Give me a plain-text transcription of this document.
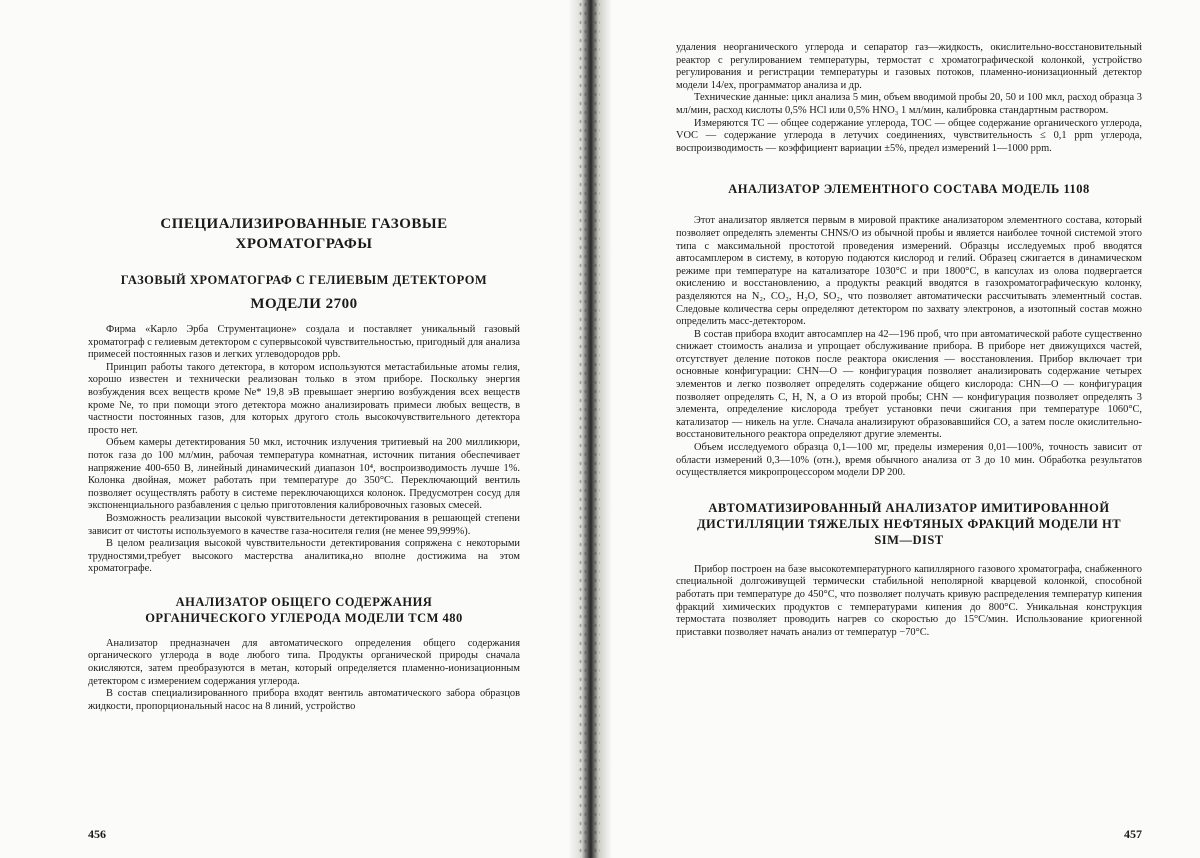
СПЕЦИАЛИЗИРОВАННЫЕ ГАЗОВЫЕ ХРОМАТОГРАФЫ
ГАЗОВЫЙ ХРОМАТОГРАФ С ГЕЛИЕВЫМ ДЕТЕКТОРОМ
МОДЕЛИ 2700

Фирма «Карло Эрба Струментационе» создала и поставляет уникальный газовый хроматограф с гелиевым детектором с супервысокой чувствительностью, пригодный для анализа примесей постоянных газов и легких углеводородов ppb.

Принцип работы такого детектора, в котором используются метастабильные атомы гелия, хорошо известен и технически реализован только в этом приборе. Поскольку энергия возбуждения всех веществ кроме Ne* 19,8 эВ превышает энергию возбуждения всех веществ кроме Ne, то при помощи этого детектора можно анализировать примеси любых веществ, в частности постоянных газов, для которых другого столь высокочувствительного детектора просто нет.

Объем камеры детектирования 50 мкл, источник излучения тритиевый на 200 милликюри, поток газа до 100 мл/мин, рабочая температура комнатная, источник питания обеспечивает напряжение 400-650 В, линейный динамический диапазон 10⁴, воспроизводимость лучше 1%. Колонка двойная, может работать при температуре до 350°С. Переключающий вентиль позволяет осуществлять работу в системе переключающихся колонок. Предусмотрен сосуд для экспоненциального разбавления с целью приготовления калибровочных газовых смесей.

Возможность реализации высокой чувствительности детектирования в решающей степени зависит от чистоты используемого в качестве газа-носителя гелия (не менее 99,999%).

В целом реализация высокой чувствительности детектирования сопряжена с некоторыми трудностями,требует высокого мастерства аналитика,но вполне достижима на этом хроматографе.

АНАЛИЗАТОР ОБЩЕГО СОДЕРЖАНИЯ ОРГАНИЧЕСКОГО УГЛЕРОДА МОДЕЛИ ТСМ 480

Анализатор предназначен для автоматического определения общего содержания органического углерода в воде любого типа. Продукты органической природы сначала окисляются, затем преобразуются в метан, который определяется пламенно-ионизационным детектором с измерением содержания углерода.

В состав специализированного прибора входят вентиль автоматического забора образцов жидкости, пропорциональный насос на 8 линий, устройство

456

удаления неорганического углерода и сепаратор газ—жидкость, окислительно-восстановительный реактор с регулированием температуры, термостат с хроматографической колонкой, устройство регулирования и регистрации температуры и газовых потоков, пламенно-ионизационный детектор модели 14/ех, программатор анализа и др.

Технические данные: цикл анализа 5 мин, объем вводимой пробы 20, 50 и 100 мкл, расход образца 3 мл/мин, расход кислоты 0,5% HCl или 0,5% HNO₃ 1 мл/мин, калибровка стандартным раствором.

Измеряются ТС — общее содержание углерода, ТОС — общее содержание органического углерода, VOC — содержание углерода в летучих соединениях, чувствительность ≤ 0,1 ppm углерода, воспроизводимость — коэффициент вариации ±5%, предел измерений 1—1000 ppm.

АНАЛИЗАТОР ЭЛЕМЕНТНОГО СОСТАВА МОДЕЛЬ 1108

Этот анализатор является первым в мировой практике анализатором элементного состава, который позволяет определять элементы CHNS/O из обычной пробы и является наиболее точной системой этого типа с максимальной простотой проведения измерений. Образцы исследуемых проб вводятся автосамплером в систему, в которую подаются кислород и гелий. Образец сжигается в динамическом режиме при температуре на катализаторе 1030°С и при 1800°С, в капсулах из олова подвергается окислению и восстановлению, а продукты реакций вводятся в газохроматографическую колонку, разделяются на N₂, CO₂, H₂O, SO₂, что позволяет автоматически рассчитывать элементный состав. Следовые количества серы определяют детектором по захвату электронов, а изотопный состав можно определить масс-детектором.

В состав прибора входит автосамплер на 42—196 проб, что при автоматической работе существенно снижает стоимость анализа и упрощает обслуживание прибора. В приборе нет движущихся частей, отсутствует деление потоков после реактора окисления — восстановления. Прибор включает три основные конфигурации: CHN—O — конфигурация позволяет анализировать содержание четырех элементов и легко позволяет определять содержание общего кислорода: CHN—O — конфигурация позволяет определять C, H, N, а O из второй пробы; CHN — конфигурация позволяет определять 3 элемента, определение кислорода требует установки печи сжигания при температуре 1060°С, катализатор — никель на угле. Сначала анализируют образовавшийся CO, а затем после окислительно-восстановительного реактора определяют другие элементы.

Объем исследуемого образца 0,1—100 мг, пределы измерения 0,01—100%, точность зависит от области измерений 0,3—10% (отн.), время обычного анализа от 3 до 10 мин. Обработка результатов осуществляется микропроцессором модели DP 200.

АВТОМАТИЗИРОВАННЫЙ АНАЛИЗАТОР ИМИТИРОВАННОЙ ДИСТИЛЛЯЦИИ ТЯЖЕЛЫХ НЕФТЯНЫХ ФРАКЦИЙ МОДЕЛИ HT SIM—DIST

Прибор построен на базе высокотемпературного капиллярного газового хроматографа, снабженного специальной долгоживущей термически стабильной неполярной кварцевой колонкой, способной работать при температуре до 450°С, что позволяет получать кривую распределения температур кипения фракций химических продуктов с температурами кипения до 800°С. Уникальная конструкция термостата позволяет проводить нагрев со скоростью до 15°С/мин. Использование криогенной приставки позволяет начать анализ от температур −70°С.

457
